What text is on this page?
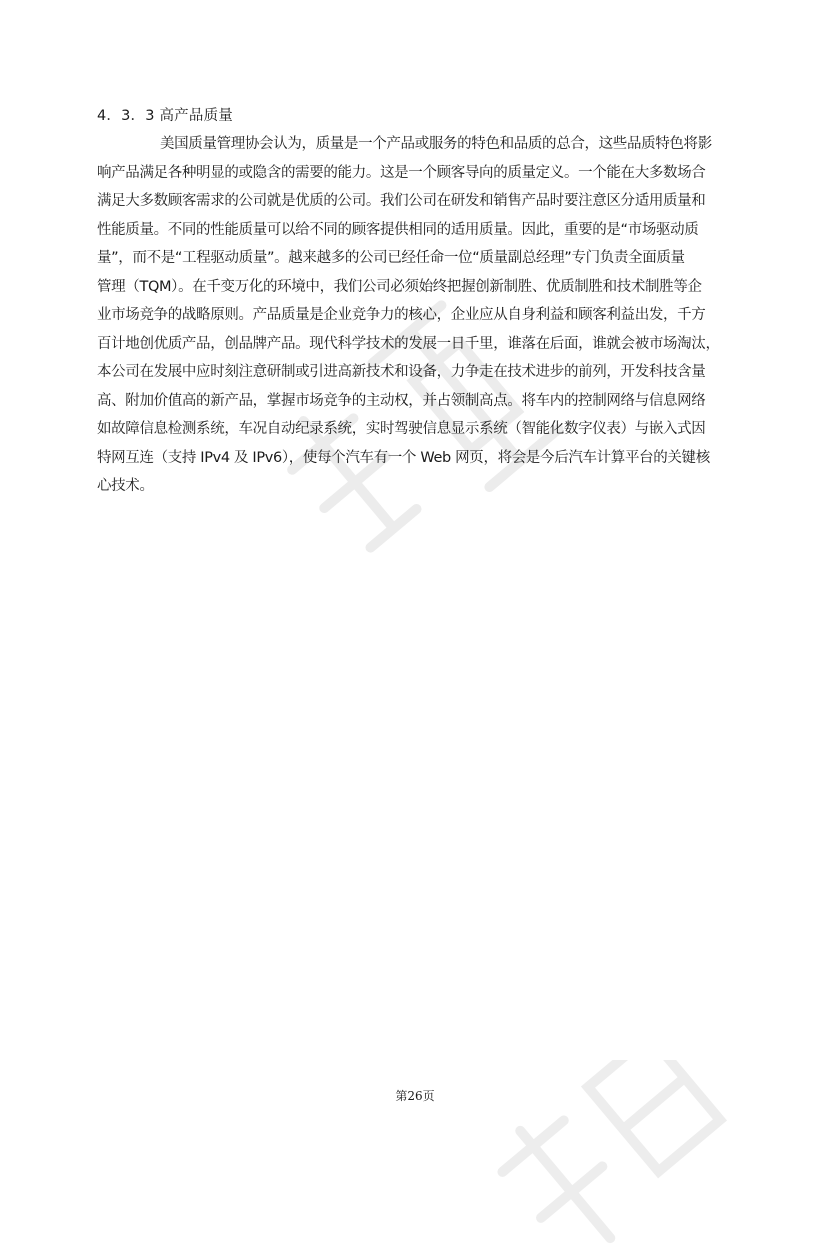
4．3．3 高产品质量
美国质量管理协会认为，质量是一个产品或服务的特色和品质的总合，这些品质特色将影
响产品满足各种明显的或隐含的需要的能力。这是一个顾客导向的质量定义。一个能在大多数场合
满足大多数顾客需求的公司就是优质的公司。我们公司在研发和销售产品时要注意区分适用质量和
性能质量。不同的性能质量可以给不同的顾客提供相同的适用质量。因此，重要的是“市场驱动质
量”，而不是“工程驱动质量”。越来越多的公司已经任命一位“质量副总经理”专门负责全面质量
管理（TQM）。在千变万化的环境中，我们公司必须始终把握创新制胜、优质制胜和技术制胜等企
业市场竞争的战略原则。产品质量是企业竞争力的核心，企业应从自身利益和顾客利益出发，千方
百计地创优质产品，创品牌产品。现代科学技术的发展一日千里，谁落在后面，谁就会被市场淘汰，
本公司在发展中应时刻注意研制或引进高新技术和设备，力争走在技术进步的前列，开发科技含量
高、附加价值高的新产品，掌握市场竞争的主动权，并占领制高点。将车内的控制网络与信息网络
如故障信息检测系统，车况自动纪录系统，实时驾驶信息显示系统（智能化数字仪表）与嵌入式因
特网互连（支持 IPv4 及 IPv6），使每个汽车有一个 Web 网页，将会是今后汽车计算平台的关键核
心技术。
第26页
